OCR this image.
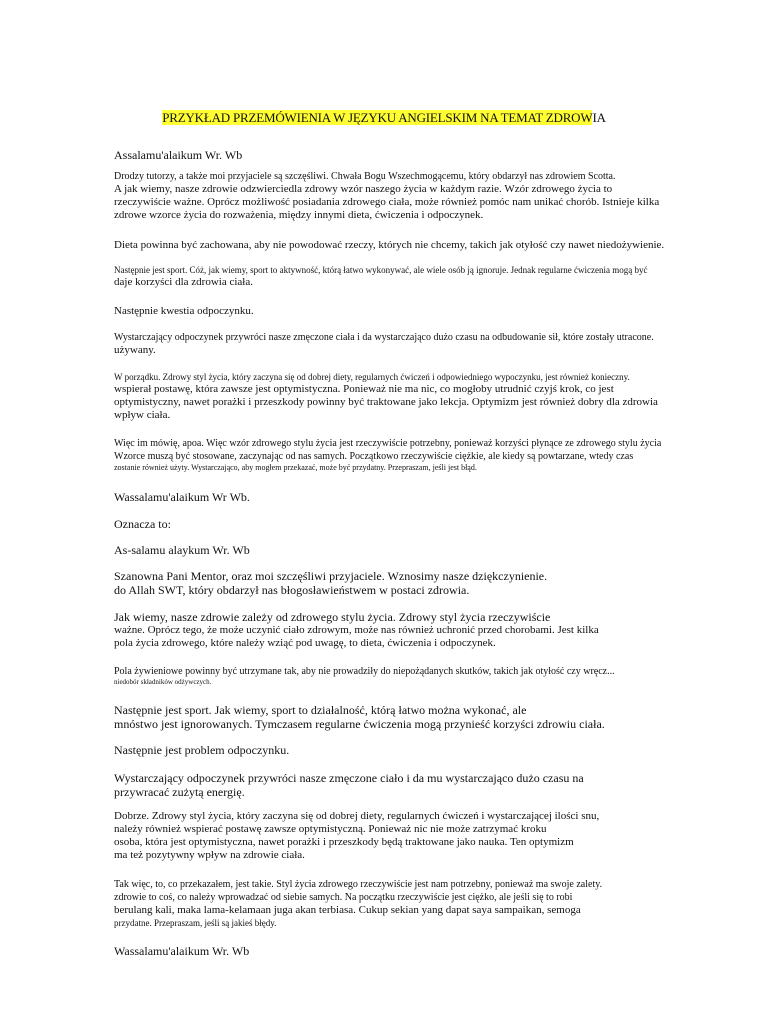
PRZYKŁAD PRZEMÓWIENIA W JĘZYKU ANGIELSKIM NA TEMAT ZDROWIA

Assalamu'alaikum Wr. Wb

Drodzy tutorzy, a także moi przyjaciele są szczęśliwi. Chwała Bogu Wszechmogącemu, który obdarzył nas zdrowiem Scotta.
A jak wiemy, nasze zdrowie odzwierciedla zdrowy wzór naszego życia w każdym razie. Wzór zdrowego życia to
rzeczywiście ważne. Oprócz możliwość posiadania zdrowego ciała, może również pomóc nam unikać chorób. Istnieje kilka
zdrowe wzorce życia do rozważenia, między innymi dieta, ćwiczenia i odpoczynek.

Dieta powinna być zachowana, aby nie powodować rzeczy, których nie chcemy, takich jak otyłość czy nawet niedożywienie.

Następnie jest sport. Cóż, jak wiemy, sport to aktywność, którą łatwo wykonywać, ale wiele osób ją ignoruje. Jednak regularne ćwiczenia mogą być
daje korzyści dla zdrowia ciała.

Następnie kwestia odpoczynku.

Wystarczający odpoczynek przywróci nasze zmęczone ciała i da wystarczająco dużo czasu na odbudowanie sił, które zostały utracone.
używany.
W porządku. Zdrowy styl życia, który zaczyna się od dobrej diety, regularnych ćwiczeń i odpowiedniego wypoczynku, jest również konieczny.
wspierał postawę, która zawsze jest optymistyczna. Ponieważ nie ma nic, co mogłoby utrudnić czyjś krok, co jest
optymistyczny, nawet porażki i przeszkody powinny być traktowane jako lekcja. Optymizm jest również dobry dla zdrowia
wpływ ciała.
Więc im mówię, apoa. Więc wzór zdrowego stylu życia jest rzeczywiście potrzebny, ponieważ korzyści płynące ze zdrowego stylu życia
Wzorce muszą być stosowane, zaczynając od nas samych. Początkowo rzeczywiście ciężkie, ale kiedy są powtarzane, wtedy czas
zostanie również użyty. Wystarczająco, aby mogłem przekazać, może być przydatny. Przepraszam, jeśli jest błąd.

Wassalamu'alaikum Wr Wb.

Oznacza to:

As-salamu alaykum Wr. Wb

Szanowna Pani Mentor, oraz moi szczęśliwi przyjaciele. Wznosimy nasze dziękczynienie.
do Allah SWT, który obdarzył nas błogosławieństwem w postaci zdrowia.
Jak wiemy, nasze zdrowie zależy od zdrowego stylu życia. Zdrowy styl życia rzeczywiście
ważne. Oprócz tego, że może uczynić ciało zdrowym, może nas również uchronić przed chorobami. Jest kilka
pola życia zdrowego, które należy wziąć pod uwagę, to dieta, ćwiczenia i odpoczynek.
Pola żywieniowe powinny być utrzymane tak, aby nie prowadziły do niepożądanych skutków, takich jak otyłość czy wręcz...
niedobór składników odżywczych.
Następnie jest sport. Jak wiemy, sport to działalność, którą łatwo można wykonać, ale
mnóstwo jest ignorowanych. Tymczasem regularne ćwiczenia mogą przynieść korzyści zdrowiu ciała.

Następnie jest problem odpoczynku.

Wystarczający odpoczynek przywróci nasze zmęczone ciało i da mu wystarczająco dużo czasu na
przywracać zużytą energię.
Dobrze. Zdrowy styl życia, który zaczyna się od dobrej diety, regularnych ćwiczeń i wystarczającej ilości snu,
należy również wspierać postawę zawsze optymistyczną. Ponieważ nic nie może zatrzymać kroku
osoba, która jest optymistyczna, nawet porażki i przeszkody będą traktowane jako nauka. Ten optymizm
ma też pozytywny wpływ na zdrowie ciała.
Tak więc, to, co przekazałem, jest takie. Styl życia zdrowego rzeczywiście jest nam potrzebny, ponieważ ma swoje zalety.
zdrowie to coś, co należy wprowadzać od siebie samych. Na początku rzeczywiście jest ciężko, ale jeśli się to robi
berulang kali, maka lama-kelamaan juga akan terbiasa. Cukup sekian yang dapat saya sampaikan, semoga
przydatne. Przepraszam, jeśli są jakieś błędy.

Wassalamu'alaikum Wr. Wb
